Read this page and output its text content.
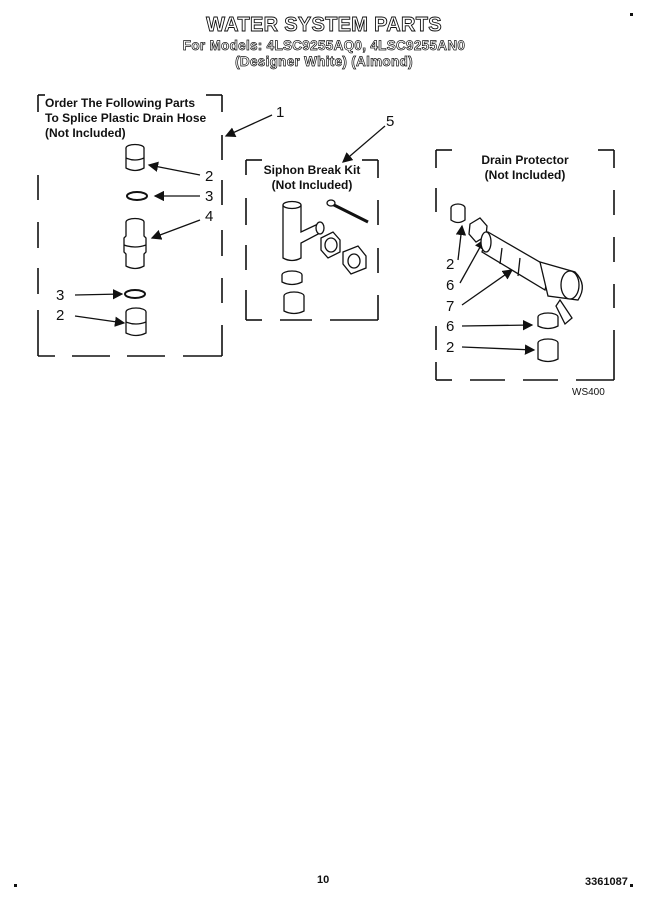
WATER SYSTEM PARTS
For Models: 4LSC9255AQ0, 4LSC9255AN0
(Designer White) (Almond)
Order The Following Parts
To Splice Plastic Drain Hose
(Not Included)
Siphon Break Kit
(Not Included)
Drain Protector
(Not Included)
1
5
2
3
4
3
2
2
6
7
6
2
WS400
10	3361087
